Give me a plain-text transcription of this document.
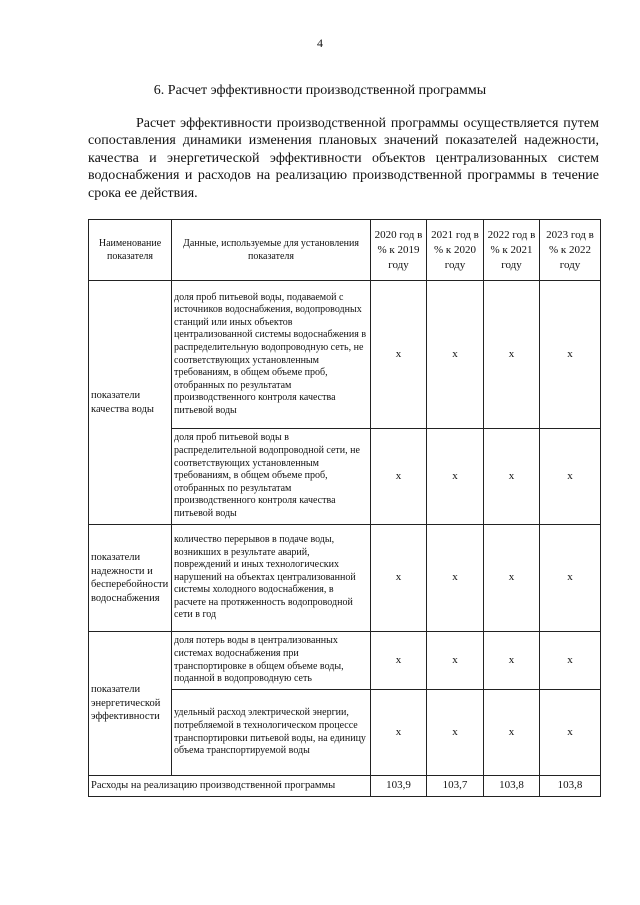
4
6. Расчет эффективности производственной программы

Расчет эффективности производственной программы осуществляется путем сопоставления динамики изменения плановых значений показателей надежности, качества и энергетической эффективности объектов централизованных систем водоснабжения и расходов на реализацию производственной программы в течение срока ее действия.

Наименование показателя	Данные, используемые для установления показателя	2020 год в % к 2019 году	2021 год в % к 2020 году	2022 год в % к 2021 году	2023 год в % к 2022 году
показатели качества воды	доля проб питьевой воды, подаваемой с источников водоснабжения, водопроводных станций или иных объектов централизованной системы водоснабжения в распределительную водопроводную сеть, не соответствующих установленным требованиям, в общем объеме проб, отобранных по результатам производственного контроля качества питьевой воды	x	x	x	x
	доля проб питьевой воды в распределительной водопроводной сети, не соответствующих установленным требованиям, в общем объеме проб, отобранных по результатам производственного контроля качества питьевой воды	x	x	x	x
показатели надежности и бесперебойности водоснабжения	количество перерывов в подаче воды, возникших в результате аварий, повреждений и иных технологических нарушений на объектах централизованной системы холодного водоснабжения, в расчете на протяженность водопроводной сети в год	x	x	x	x
показатели энергетической эффективности	доля потерь воды в централизованных системах водоснабжения при транспортировке в общем объеме воды, поданной в водопроводную сеть	x	x	x	x
	удельный расход электрической энергии, потребляемой в технологическом процессе транспортировки питьевой воды, на единицу объема транспортируемой воды	x	x	x	x
Расходы на реализацию производственной программы		103,9	103,7	103,8	103,8
